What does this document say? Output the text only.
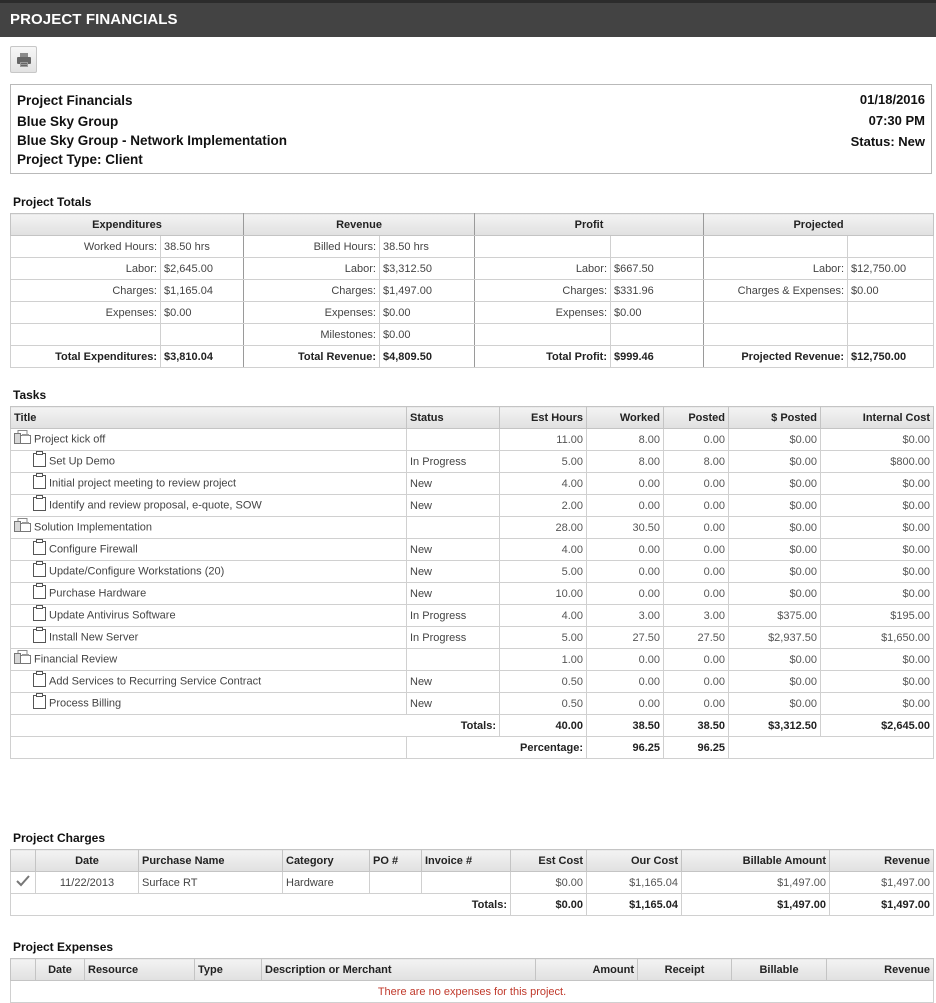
PROJECT FINANCIALS
Project Financials
Blue Sky Group
Blue Sky Group - Network Implementation
Project Type: Client
01/18/2016
07:30 PM
Status: New
Project Totals
Expenditures		Revenue		Profit		Projected	
Worked Hours:	38.50 hrs	Billed Hours:	38.50 hrs				
Labor:	$2,645.00	Labor:	$3,312.50	Labor:	$667.50	Labor:	$12,750.00
Charges:	$1,165.04	Charges:	$1,497.00	Charges:	$331.96	Charges & Expenses:	$0.00
Expenses:	$0.00	Expenses:	$0.00	Expenses:	$0.00		
		Milestones:	$0.00				
Total Expenditures:	$3,810.04	Total Revenue:	$4,809.50	Total Profit:	$999.46	Projected Revenue:	$12,750.00
Tasks
Title	Status	Est Hours	Worked	Posted	$ Posted	Internal Cost
Project kick off		11.00	8.00	0.00	$0.00	$0.00
Set Up Demo	In Progress	5.00	8.00	8.00	$0.00	$800.00
Initial project meeting to review project	New	4.00	0.00	0.00	$0.00	$0.00
Identify and review proposal, e-quote, SOW	New	2.00	0.00	0.00	$0.00	$0.00
Solution Implementation		28.00	30.50	0.00	$0.00	$0.00
Configure Firewall	New	4.00	0.00	0.00	$0.00	$0.00
Update/Configure Workstations (20)	New	5.00	0.00	0.00	$0.00	$0.00
Purchase Hardware	New	10.00	0.00	0.00	$0.00	$0.00
Update Antivirus Software	In Progress	4.00	3.00	3.00	$375.00	$195.00
Install New Server	In Progress	5.00	27.50	27.50	$2,937.50	$1,650.00
Financial Review		1.00	0.00	0.00	$0.00	$0.00
Add Services to Recurring Service Contract	New	0.50	0.00	0.00	$0.00	$0.00
Process Billing	New	0.50	0.00	0.00	$0.00	$0.00
Totals:		40.00	38.50	38.50	$3,312.50	$2,645.00
	Percentage:		96.25	96.25		
Project Charges
	Date	Purchase Name	Category	PO #	Invoice #	Est Cost	Our Cost	Billable Amount	Revenue
	11/22/2013	Surface RT	Hardware			$0.00	$1,165.04	$1,497.00	$1,497.00
Totals:						$0.00	$1,165.04	$1,497.00	$1,497.00
Project Expenses
	Date	Resource	Type	Description or Merchant	Amount	Receipt	Billable	Revenue
There are no expenses for this project.
